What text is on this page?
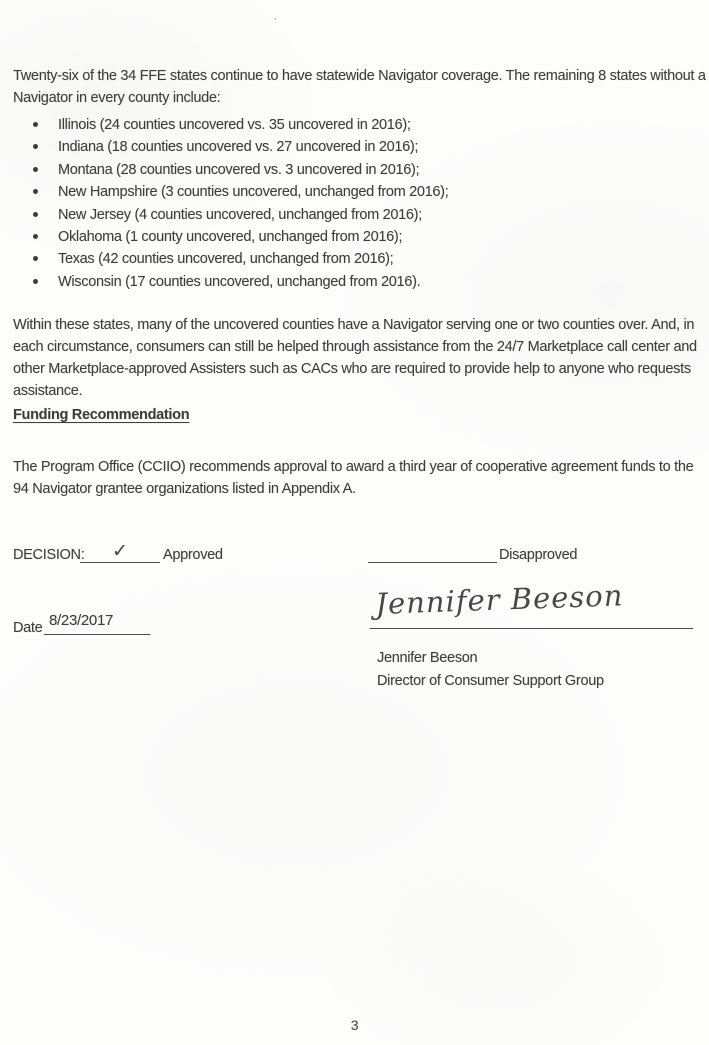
’

Twenty-six of the 34 FFE states continue to have statewide Navigator coverage. The remaining 8 states without a Navigator in every county include:

Illinois (24 counties uncovered vs. 35 uncovered in 2016);
Indiana (18 counties uncovered vs. 27 uncovered in 2016);
Montana (28 counties uncovered vs. 3 uncovered in 2016);
New Hampshire (3 counties uncovered, unchanged from 2016);
New Jersey (4 counties uncovered, unchanged from 2016);
Oklahoma (1 county uncovered, unchanged from 2016);
Texas (42 counties uncovered, unchanged from 2016);
Wisconsin (17 counties uncovered, unchanged from 2016).

Within these states, many of the uncovered counties have a Navigator serving one or two counties over. And, in each circumstance, consumers can still be helped through assistance from the 24/7 Marketplace call center and other Marketplace-approved Assisters such as CACs who are required to provide help to anyone who requests assistance.

Funding Recommendation

The Program Office (CCIIO) recommends approval to award a third year of cooperative agreement funds to the 94 Navigator grantee organizations listed in Appendix A.

DECISION:	✓	Approved	Disapproved
Date 8/23/2017	Jennifer Beeson
Jennifer Beeson
Director of Consumer Support Group
3
